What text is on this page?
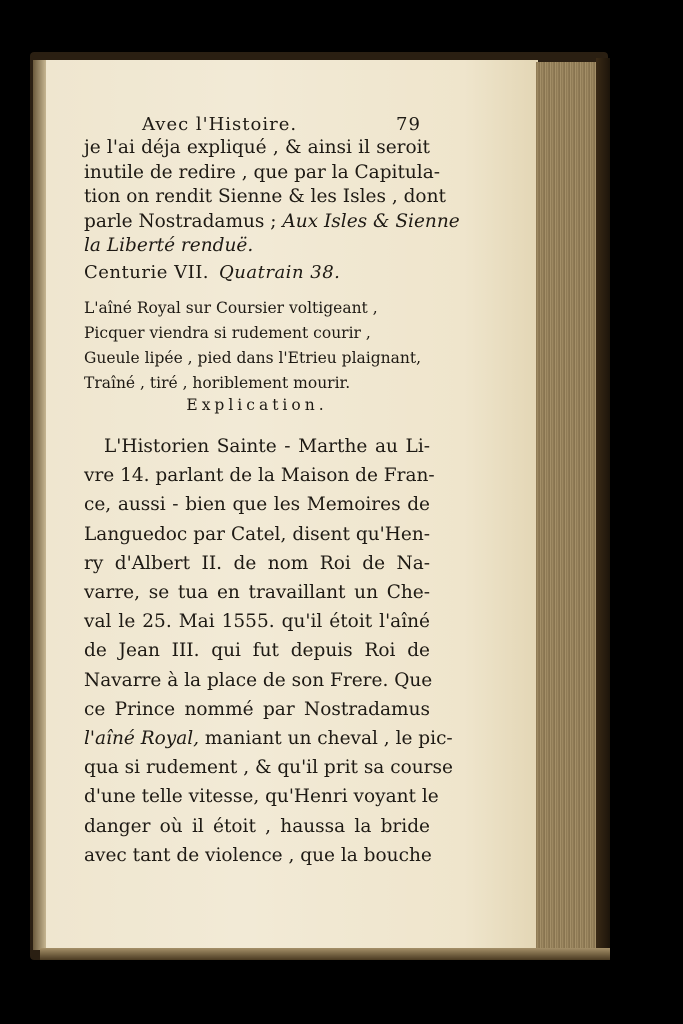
Avec l'Histoire.	79
je l'ai déja expliqué , & ainsi il seroit
inutile de redire , que par la Capitula-
tion on rendit Sienne & les Isles , dont
parle Nostradamus ; Aux Isles & Sienne
la Liberté renduë.
Centurie VII. Quatrain 38.
L'aîné Royal sur Coursier voltigeant ,
Picquer viendra si rudement courir ,
Gueule lipée , pied dans l'Etrieu plaignant,
Traîné , tiré , horiblement mourir.
Explication.
L'Historien Sainte - Marthe au Li-
vre 14. parlant de la Maison de Fran-
ce, aussi - bien que les Memoires de
Languedoc par Catel, disent qu'Hen-
ry d'Albert II. de nom Roi de Na-
varre, se tua en travaillant un Che-
val le 25. Mai 1555. qu'il étoit l'aîné
de Jean III. qui fut depuis Roi de
Navarre à la place de son Frere. Que
ce Prince nommé par Nostradamus
l'aîné Royal, maniant un cheval , le pic-
qua si rudement , & qu'il prit sa course
d'une telle vitesse, qu'Henri voyant le
danger où il étoit , haussa la bride
avec tant de violence , que la bouche
